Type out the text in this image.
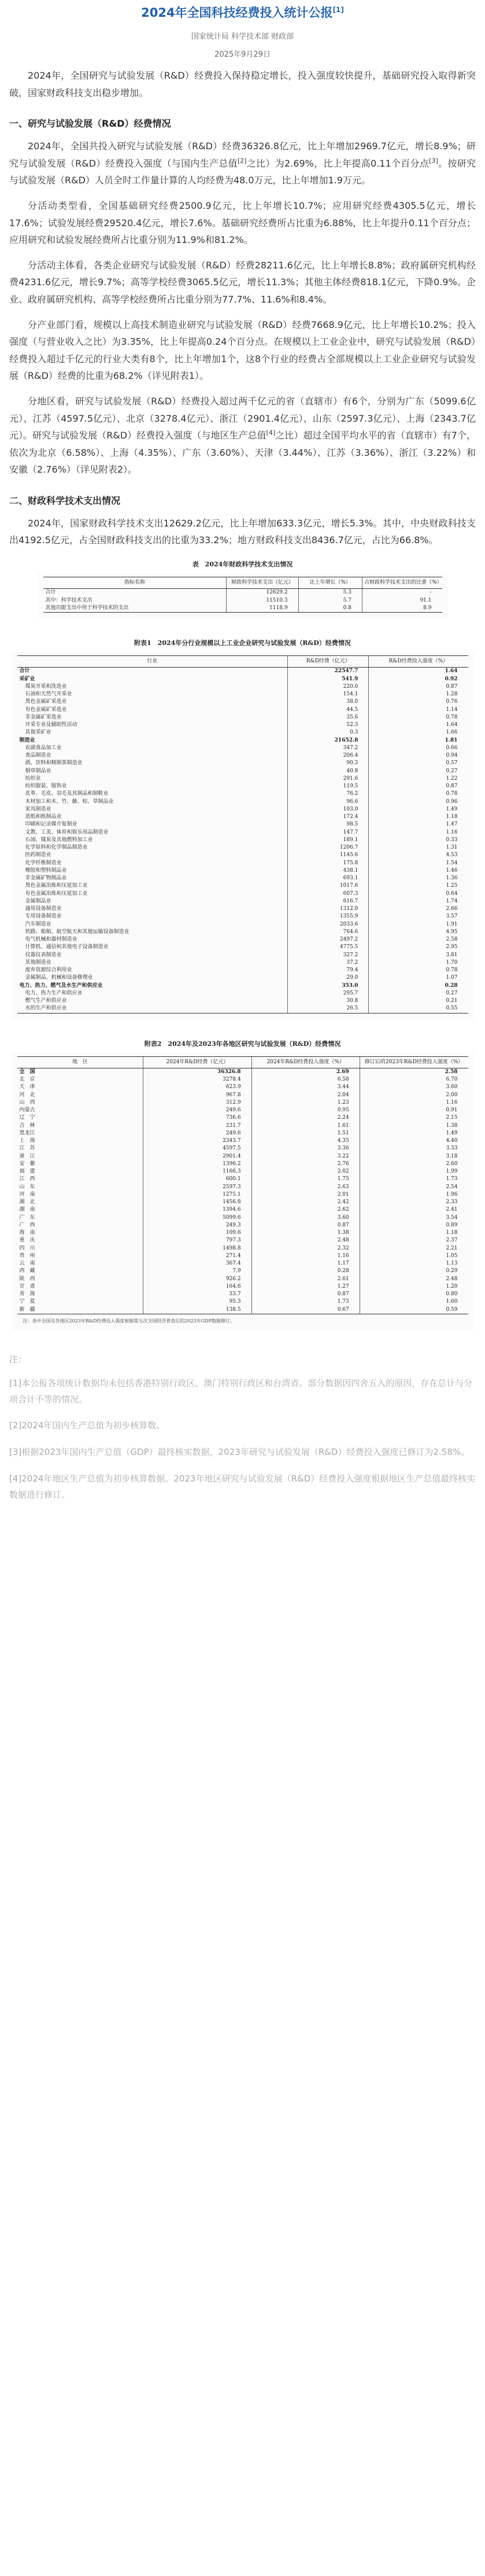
2024年全国科技经费投入统计公报[1]
国家统计局 科学技术部 财政部
2025年9月29日

2024年，全国研究与试验发展（R&D）经费投入保持稳定增长，投入强度较快提升，基础研究投入取得新突破，国家财政科技支出稳步增加。

一、研究与试验发展（R&D）经费情况

2024年，全国共投入研究与试验发展（R&D）经费36326.8亿元，比上年增加2969.7亿元，增长8.9%；研究与试验发展（R&D）经费投入强度（与国内生产总值[2]之比）为2.69%，比上年提高0.11个百分点[3]。按研究与试验发展（R&D）人员全时工作量计算的人均经费为48.0万元，比上年增加1.9万元。

分活动类型看，全国基础研究经费2500.9亿元，比上年增长10.7%；应用研究经费4305.5亿元，增长17.6%；试验发展经费29520.4亿元，增长7.6%。基础研究经费所占比重为6.88%，比上年提升0.11个百分点；应用研究和试验发展经费所占比重分别为11.9%和81.2%。

分活动主体看，各类企业研究与试验发展（R&D）经费28211.6亿元，比上年增长8.8%；政府属研究机构经费4231.6亿元，增长9.7%；高等学校经费3065.5亿元，增长11.3%；其他主体经费818.1亿元，下降0.9%。企业、政府属研究机构、高等学校经费所占比重分别为77.7%、11.6%和8.4%。

分产业部门看，规模以上高技术制造业研究与试验发展（R&D）经费7668.9亿元，比上年增长10.2%；投入强度（与营业收入之比）为3.35%，比上年提高0.24个百分点。在规模以上工业企业中，研究与试验发展（R&D）经费投入超过千亿元的行业大类有8个，比上年增加1个，这8个行业的经费占全部规模以上工业企业研究与试验发展（R&D）经费的比重为68.2%（详见附表1）。

分地区看，研究与试验发展（R&D）经费投入超过两千亿元的省（直辖市）有6个，分别为广东（5099.6亿元）、江苏（4597.5亿元）、北京（3278.4亿元）、浙江（2901.4亿元）、山东（2597.3亿元）、上海（2343.7亿元）。研究与试验发展（R&D）经费投入强度（与地区生产总值[4]之比）超过全国平均水平的省（直辖市）有7个，依次为北京（6.58%）、上海（4.35%）、广东（3.60%）、天津（3.44%）、江苏（3.36%）、浙江（3.22%）和安徽（2.76%）（详见附表2）。

二、财政科学技术支出情况

2024年，国家财政科学技术支出12629.2亿元，比上年增加633.3亿元，增长5.3%。其中，中央财政科技支出4192.5亿元，占全国财政科技支出的比重为33.2%；地方财政科技支出8436.7亿元，占比为66.8%。

表　2024年财政科学技术支出情况
指标名称	财政科学技术支出（亿元）	比上年增长（%）	占财政科学技术支出的比重（%）
合计	12629.2	5.3	-
其中：科学技术支出	11510.3	5.7	91.1
其他功能支出中用于科学技术的支出	1118.9	0.8	8.9
附表1　2024年分行业规模以上工业企业研究与试验发展（R&D）经费情况
行业	R&D经费（亿元）	R&D经费投入强度（%）
合计	22547.7	1.64
采矿业	541.9	0.92
煤炭开采和洗选业	220.0	0.87
石油和天然气开采业	154.1	1.28
黑色金属矿采选业	38.0	0.76
有色金属矿采选业	44.5	1.14
非金属矿采选业	35.6	0.78
开采专业及辅助性活动	52.3	1.64
其他采矿业	0.3	1.66
制造业	21652.8	1.81
农副食品加工业	347.2	0.66
食品制造业	206.4	0.94
酒、饮料和精制茶制造业	90.3	0.57
烟草制品业	40.8	0.27
纺织业	291.6	1.22
纺织服装、服饰业	119.5	0.87
皮革、毛皮、羽毛及其制品和制鞋业	76.2	0.78
木材加工和木、竹、藤、棕、草制品业	96.6	0.96
家具制造业	103.0	1.49
造纸和纸制品业	172.4	1.18
印刷和记录媒介复制业	98.5	1.47
文教、工美、体育和娱乐用品制造业	147.7	1.16
石油、煤炭及其他燃料加工业	189.1	0.33
化学原料和化学制品制造业	1206.7	1.31
医药制造业	1145.6	4.53
化学纤维制造业	175.8	1.54
橡胶和塑料制品业	438.1	1.46
非金属矿物制品业	693.1	1.36
黑色金属冶炼和压延加工业	1017.6	1.25
有色金属冶炼和压延加工业	607.3	0.64
金属制品业	616.7	1.74
通用设备制造业	1312.0	2.66
专用设备制造业	1355.9	3.57
汽车制造业	2033.6	1.91
铁路、船舶、航空航天和其他运输设备制造业	764.6	4.95
电气机械和器材制造业	2497.2	2.58
计算机、通信和其他电子设备制造业	4775.5	2.95
仪器仪表制造业	327.2	3.81
其他制造业	37.2	1.70
废弃资源综合利用业	79.4	0.78
金属制品、机械和设备修理业	29.0	1.07
电力、热力、燃气及水生产和供应业	353.0	0.28
电力、热力生产和供应业	295.7	0.27
燃气生产和供应业	30.8	0.21
水的生产和供应业	26.5	0.55
附表2　2024年及2023年各地区研究与试验发展（R&D）经费情况
地　区	2024年R&D经费（亿元）	2024年R&D经费投入强度（%）	修订后的2023年R&D经费投入强度（%）
全　国	36326.8	2.69	2.58
北　京	3278.4	6.58	6.70
天　津	623.9	3.44	3.60
河　北	967.8	2.04	2.00
山　西	312.9	1.23	1.16
内蒙古	249.6	0.95	0.91
辽　宁	736.6	2.24	2.15
吉　林	231.7	1.61	1.38
黑龙江	249.6	1.51	1.49
上　海	2343.7	4.35	4.40
江　苏	4597.5	3.36	3.33
浙　江	2901.4	3.22	3.18
安　徽	1396.2	2.76	2.60
福　建	1166.3	2.02	1.99
江　西	600.1	1.75	1.73
山　东	2597.3	2.63	2.54
河　南	1275.1	2.01	1.96
湖　北	1456.8	2.42	2.33
湖　南	1394.6	2.62	2.41
广　东	5099.6	3.60	3.54
广　西	249.3	0.87	0.89
海　南	109.6	1.38	1.18
重　庆	797.3	2.48	2.37
四　川	1498.8	2.32	2.21
贵　州	271.4	1.16	1.05
云　南	367.4	1.17	1.13
西　藏	7.9	0.28	0.29
陕　西	926.2	2.61	2.48
甘　肃	164.6	1.27	1.20
青　海	33.7	0.87	0.80
宁　夏	95.3	1.73	1.60
新　疆	138.5	0.67	0.59
注：表中全国及各地区2023年R&D经费投入强度根据第五次全国经济普查后的2023年GDP数据修订。
注：

[1]本公报各项统计数据均未包括香港特别行政区、澳门特别行政区和台湾省。部分数据因四舍五入的原因，存在总计与分项合计不等的情况。

[2]2024年国内生产总值为初步核算数。

[3]根据2023年国内生产总值（GDP）最终核实数据，2023年研究与试验发展（R&D）经费投入强度已修订为2.58%。

[4]2024年地区生产总值为初步核算数据。2023年地区研究与试验发展（R&D）经费投入强度根据地区生产总值最终核实数据进行修订。
